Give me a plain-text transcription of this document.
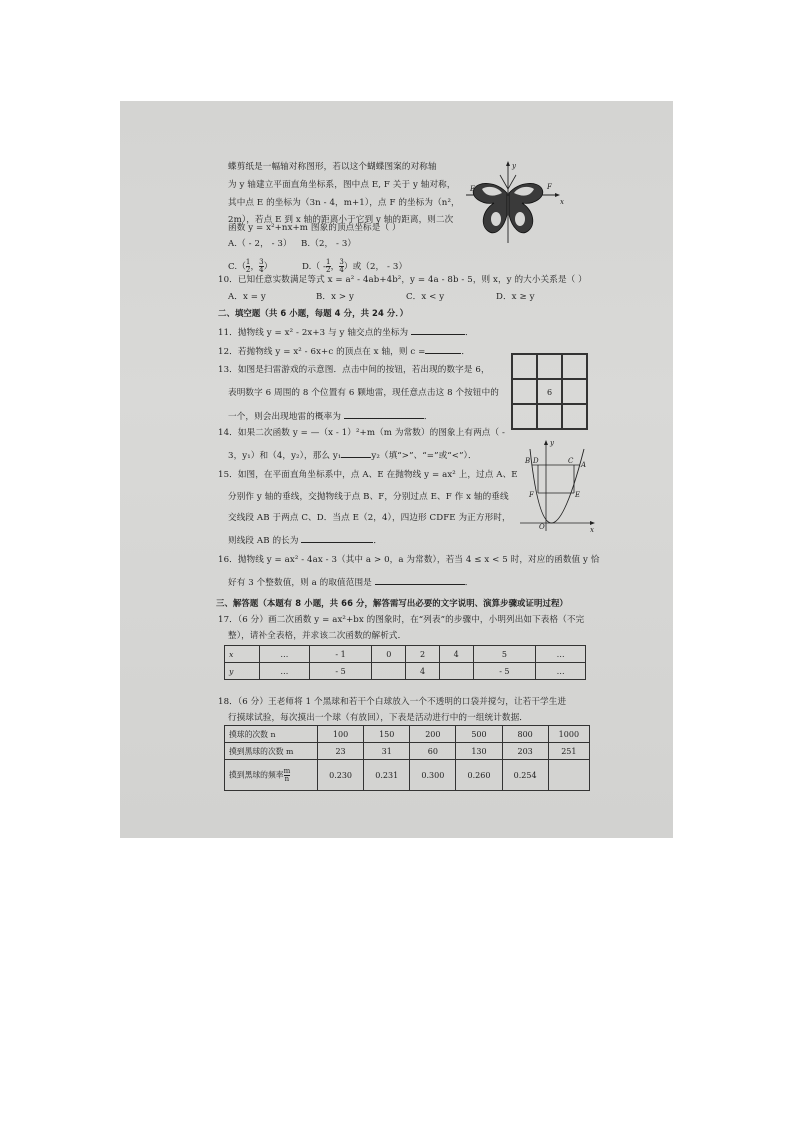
蝶剪纸是一幅轴对称图形，若以这个蝴蝶图案的对称轴
为 y 轴建立平面直角坐标系，图中点 E, F 关于 y 轴对称，
其中点 E 的坐标为（3n - 4，m+1），点 F 的坐标为（n²，
2m），若点 E 到 x 轴的距离小于它到 y 轴的距离，则二次
函数 y = x²+nx+m 图象的顶点坐标是（ ）
A.（ - 2， - 3） B.（2， - 3）
$C.( \frac{1}{2}$ ， $\frac{3}{4}$ ）	$D.( - \frac{1}{2}$ ， $\frac{3}{4}$ ）或（2， - 3）
y
x
E	F
10．已知任意实数满足等式 x = a² - 4ab+4b²，y = 4a - 8b - 5，则 x，y 的大小关系是（ ）
A．x = y	B．x > y	C．x < y	D．x ≥ y
二、填空题（共 6 小题，每题 4 分，共 24 分．）
11．抛物线 y = x² - 2x+3 与 y 轴交点的坐标为	．
12．若抛物线 y = x² - 6x+c 的顶点在 x 轴，则 c =	．
13．如图是扫雷游戏的示意图．点击中间的按钮，若出现的数字是 6，
表明数字 6 周围的 8 个位置有 6 颗地雷，现任意点击这 8 个按钮中的
一个，则会出现地雷的概率为	．
6
14．如果二次函数 y = —（x - 1）²+m（m 为常数）的图象上有两点（ -
3，y₁）和（4，y₂），那么 y₁	y₂（填“>”、“=”或“<”）．
15．如图，在平面直角坐标系中，点 A、E 在抛物线 y = ax² 上，过点 A、E
分别作 y 轴的垂线，交抛物线于点 B、F，分别过点 E、F 作 x 轴的垂线
交线段 AB 于两点 C、D．当点 E（2，4），四边形 CDFE 为正方形时，
则线段 AB 的长为	．
y
x
B D	C A
F	E
O
16．抛物线 y = ax² - 4ax - 3（其中 a > 0，a 为常数），若当 4 ≤ x < 5 时，对应的函数值 y 恰
好有 3 个整数值，则 a 的取值范围是	．
三、解答题（本题有 8 小题，共 66 分，解答需写出必要的文字说明、演算步骤或证明过程）
17．（6 分）画二次函数 y = ax²+bx 的图象时，在“列表”的步骤中，小明列出如下表格（不完
整），请补全表格，并求该二次函数的解析式．
x	…	- 1	0	2	4	5	…
y	…	- 5		4		- 5	…
18．（6 分）王老师将 1 个黑球和若干个白球放入一个不透明的口袋并搅匀，让若干学生进
行摸球试验，每次摸出一个球（有放回），下表是活动进行中的一组统计数据．
摸球的次数 n	100	150	200	500	800	1000
摸到黑球的次数 m	23	31	60	130	203	251
摸到黑球的频率 $\frac{m}{n}$	0.230	0.231	0.300	0.260	0.254	
